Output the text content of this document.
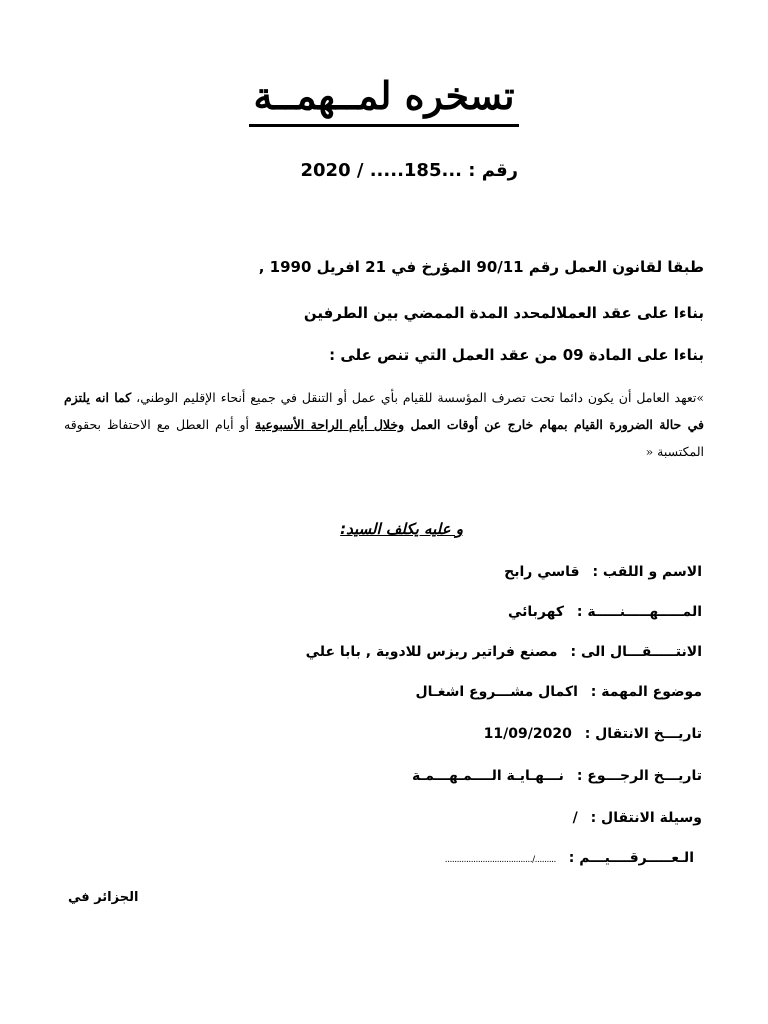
تسخره لمــهمــة
رقم : ...185..... / 2020
طبقا لقانون العمل رقم 90/11 المؤرخ في 21 افريل 1990 ,
بناءا على عقد العملالمحدد المدة الممضي بين الطرفين
بناءا على المادة 09 من عقد العمل التي تنص على :
»تعهد العامل أن يكون دائما تحت تصرف المؤسسة للقيام بأي عمل أو التنقل في جميع أنحاء الإقليم الوطني، كما انه يلتزم في حالة الضرورة القيام بمهام خارج عن أوقات العمل وخلال أيام الراحة الأسبوعية أو أيام العطل مع الاحتفاظ بحقوقه المكتسبة «
و عليه يكلف السيد:
الاسم و اللقب : قاسي رابح
المـــــهـــــنـــــة : كهربائي
الانتـــــقـــال الى : مصنع فراتير ريزس للادوية , بابا علي
موضوع المهمة : اكمال مشـــروع اشغـال
تاريـــخ الانتقال : 11/09/2020
تاريـــخ الرجـــوع : نـــهـايـة الــــمـهـــمـة
وسيلة الانتقال : /
الـعـــــرقــــيـــم : ........./.....................................
الجزائر في
